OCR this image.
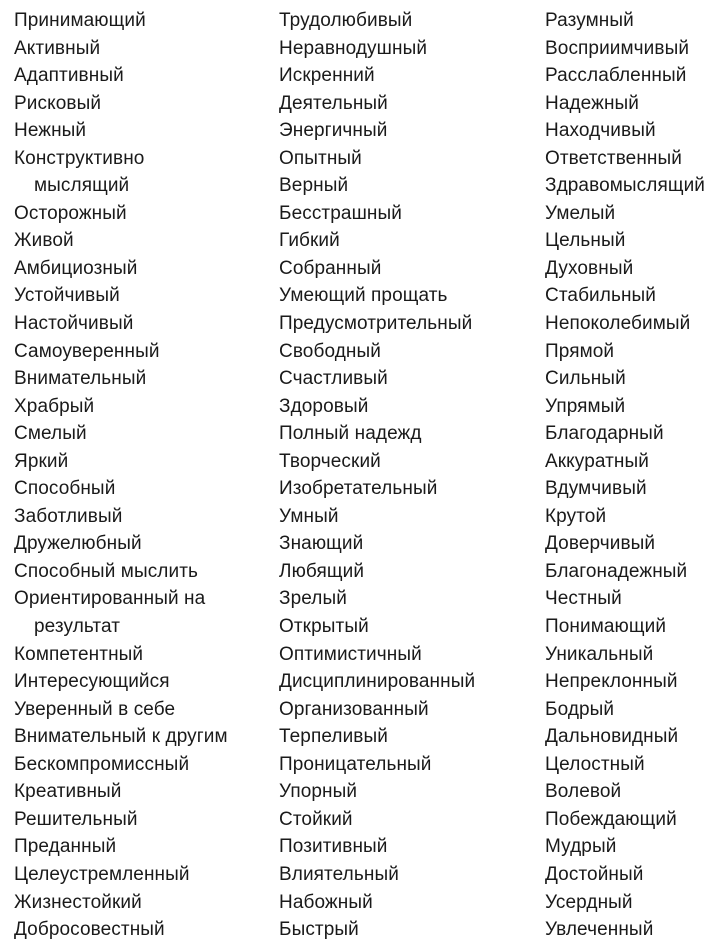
Принимающий
Активный
Адаптивный
Рисковый
Нежный
Конструктивно
мыслящий
Осторожный
Живой
Амбициозный
Устойчивый
Настойчивый
Самоуверенный
Внимательный
Храбрый
Смелый
Яркий
Способный
Заботливый
Дружелюбный
Способный мыслить
Ориентированный на
результат
Компетентный
Интересующийся
Уверенный в себе
Внимательный к другим
Бескомпромиссный
Креативный
Решительный
Преданный
Целеустремленный
Жизнестойкий
Добросовестный
Трудолюбивый
Неравнодушный
Искренний
Деятельный
Энергичный
Опытный
Верный
Бесстрашный
Гибкий
Собранный
Умеющий прощать
Предусмотрительный
Свободный
Счастливый
Здоровый
Полный надежд
Творческий
Изобретательный
Умный
Знающий
Любящий
Зрелый
Открытый
Оптимистичный
Дисциплинированный
Организованный
Терпеливый
Проницательный
Упорный
Стойкий
Позитивный
Влиятельный
Набожный
Быстрый
Разумный
Восприимчивый
Расслабленный
Надежный
Находчивый
Ответственный
Здравомыслящий
Умелый
Цельный
Духовный
Стабильный
Непоколебимый
Прямой
Сильный
Упрямый
Благодарный
Аккуратный
Вдумчивый
Крутой
Доверчивый
Благонадежный
Честный
Понимающий
Уникальный
Непреклонный
Бодрый
Дальновидный
Целостный
Волевой
Побеждающий
Мудрый
Достойный
Усердный
Увлеченный
